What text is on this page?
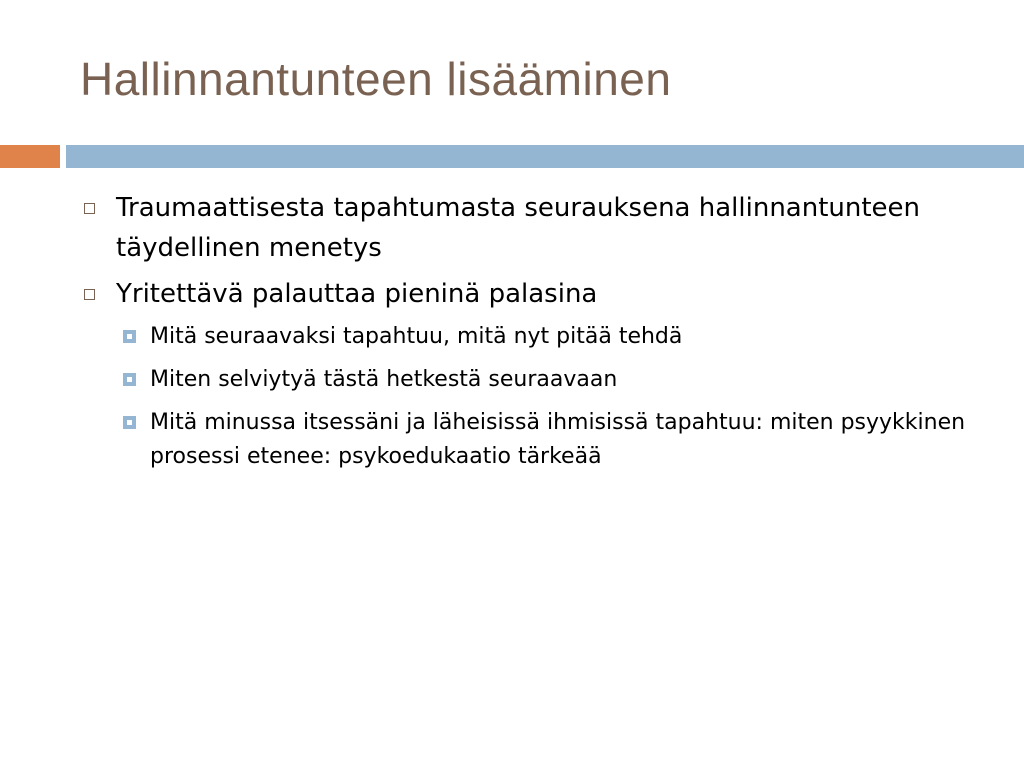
Hallinnantunteen lisääminen
Traumaattisesta tapahtumasta seurauksena hallinnantunteen täydellinen menetys
Yritettävä palauttaa pieninä palasina
Mitä seuraavaksi tapahtuu, mitä nyt pitää tehdä
Miten selviytyä tästä hetkestä seuraavaan
Mitä minussa itsessäni ja läheisissä ihmisissä tapahtuu: miten psyykkinen prosessi etenee: psykoedukaatio tärkeää
